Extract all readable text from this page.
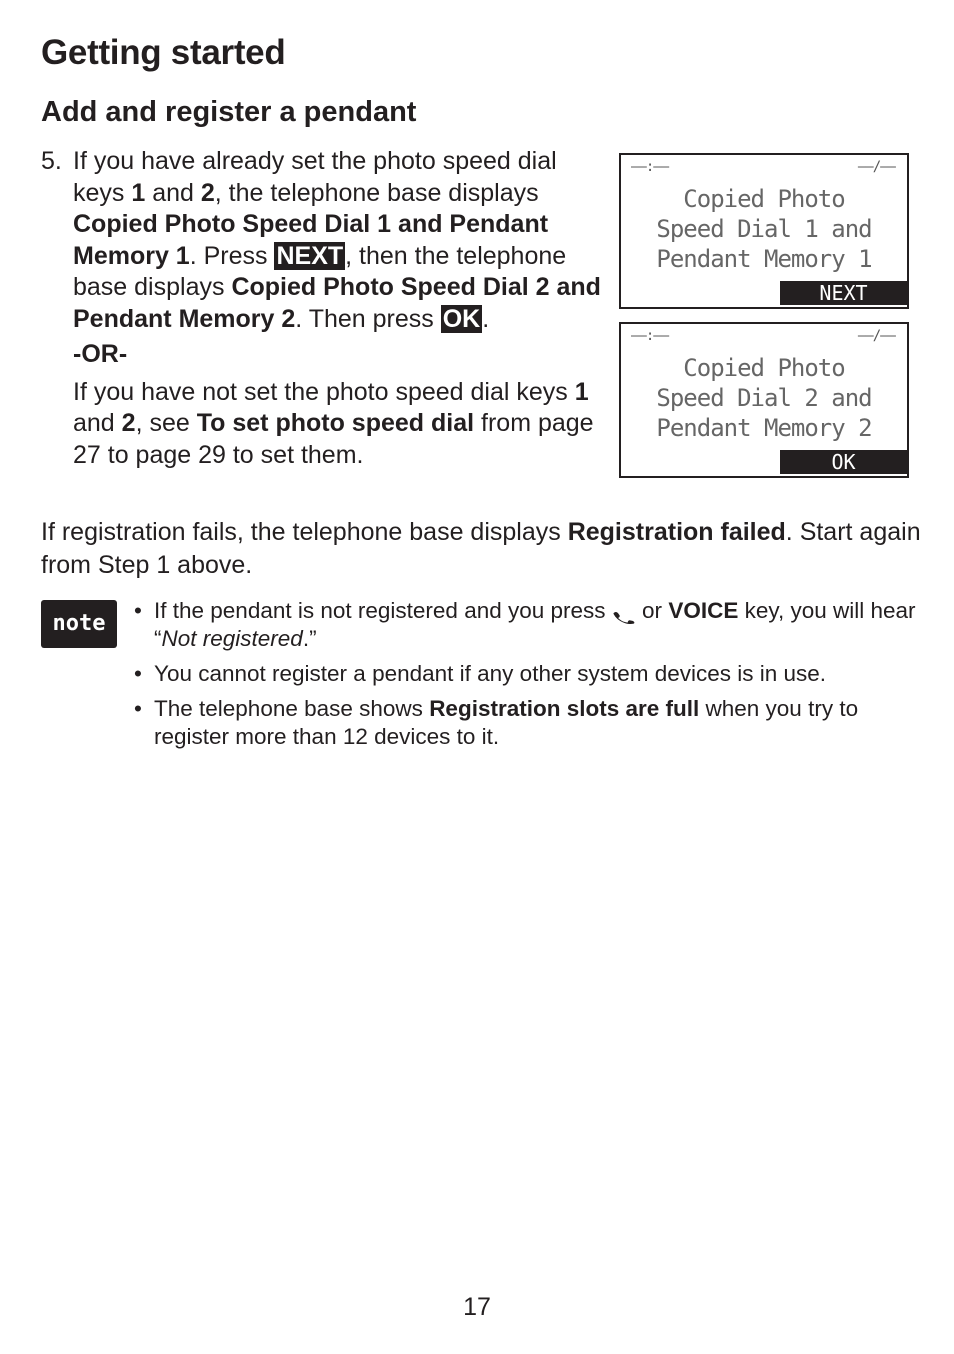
Getting started
Add and register a pendant
5. If you have already set the photo speed dial keys 1 and 2, the telephone base displays Copied Photo Speed Dial 1 and Pendant Memory 1. Press NEXT, then the telephone base displays Copied Photo Speed Dial 2 and Pendant Memory 2. Then press OK.
-OR-
If you have not set the photo speed dial keys 1 and 2, see To set photo speed dial from page 27 to page 29 to set them.
——:——	——/——
Copied Photo
Speed Dial 1 and
Pendant Memory 1
NEXT
——:——	——/——
Copied Photo
Speed Dial 2 and
Pendant Memory 2
OK

If registration fails, the telephone base displays Registration failed. Start again from Step 1 above.

note
• If the pendant is not registered and you press  or VOICE key, you will hear “Not registered.”
• You cannot register a pendant if any other system devices is in use.
• The telephone base shows Registration slots are full when you try to register more than 12 devices to it.
17
